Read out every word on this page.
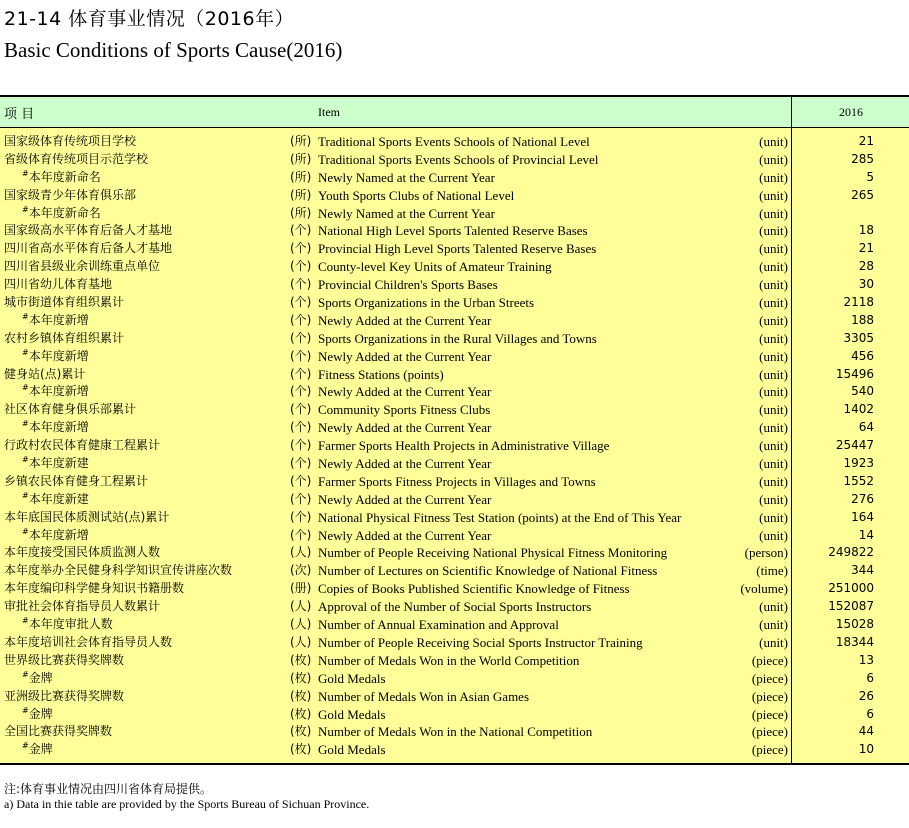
21-14 体育事业情况（2016年）
Basic Conditions of Sports Cause(2016)
项 目	Item	2016
国家级体育传统项目学校	(所) Traditional Sports Events Schools of National Level	(unit)	21
省级体育传统项目示范学校	(所) Traditional Sports Events Schools of Provincial Level	(unit)	285
# 本年度新命名	(所) Newly Named at the Current Year	(unit)	5
国家级青少年体育俱乐部	(所) Youth Sports Clubs of National Level	(unit)	265
# 本年度新命名	(所) Newly Named at the Current Year	(unit)
国家级高水平体育后备人才基地	(个) National High Level Sports Talented Reserve Bases	(unit)	18
四川省高水平体育后备人才基地	(个) Provincial High Level Sports Talented Reserve Bases	(unit)	21
四川省县级业余训练重点单位	(个) County-level Key Units of Amateur Training	(unit)	28
四川省幼儿体育基地	(个) Provincial Children's Sports Bases	(unit)	30
城市街道体育组织累计	(个) Sports Organizations in the Urban Streets	(unit)	2118
# 本年度新增	(个) Newly Added at the Current Year	(unit)	188
农村乡镇体育组织累计	(个) Sports Organizations in the Rural Villages and Towns	(unit)	3305
# 本年度新增	(个) Newly Added at the Current Year	(unit)	456
健身站(点)累计	(个) Fitness Stations (points)	(unit)	15496
# 本年度新增	(个) Newly Added at the Current Year	(unit)	540
社区体育健身俱乐部累计	(个) Community Sports Fitness Clubs	(unit)	1402
# 本年度新增	(个) Newly Added at the Current Year	(unit)	64
行政村农民体育健康工程累计	(个) Farmer Sports Health Projects in Administrative Village	(unit)	25447
# 本年度新建	(个) Newly Added at the Current Year	(unit)	1923
乡镇农民体育健身工程累计	(个) Farmer Sports Fitness Projects in Villages and Towns	(unit)	1552
# 本年度新建	(个) Newly Added at the Current Year	(unit)	276
本年底国民体质测试站(点)累计	(个) National Physical Fitness Test Station (points) at the End of This Year	(unit)	164
# 本年度新增	(个) Newly Added at the Current Year	(unit)	14
本年度接受国民体质监测人数	(人) Number of People Receiving National Physical Fitness Monitoring	(person)	249822
本年度举办全民健身科学知识宣传讲座次数	(次) Number of Lectures on Scientific Knowledge of National Fitness	(time)	344
本年度编印科学健身知识书籍册数	(册) Copies of Books Published Scientific Knowledge of Fitness	(volume)	251000
审批社会体育指导员人数累计	(人) Approval of the Number of Social Sports Instructors	(unit)	152087
# 本年度审批人数	(人) Number of Annual Examination and Approval	(unit)	15028
本年度培训社会体育指导员人数	(人) Number of People Receiving Social Sports Instructor Training	(unit)	18344
世界级比赛获得奖牌数	(枚) Number of Medals Won in the World Competition	(piece)	13
# 金牌	(枚) Gold Medals	(piece)	6
亚洲级比赛获得奖牌数	(枚) Number of Medals Won in Asian Games	(piece)	26
# 金牌	(枚) Gold Medals	(piece)	6
全国比赛获得奖牌数	(枚) Number of Medals Won in the National Competition	(piece)	44
# 金牌	(枚) Gold Medals	(piece)	10
注:体育事业情况由四川省体育局提供。
a) Data in thie table are provided by the Sports Bureau of Sichuan Province.
